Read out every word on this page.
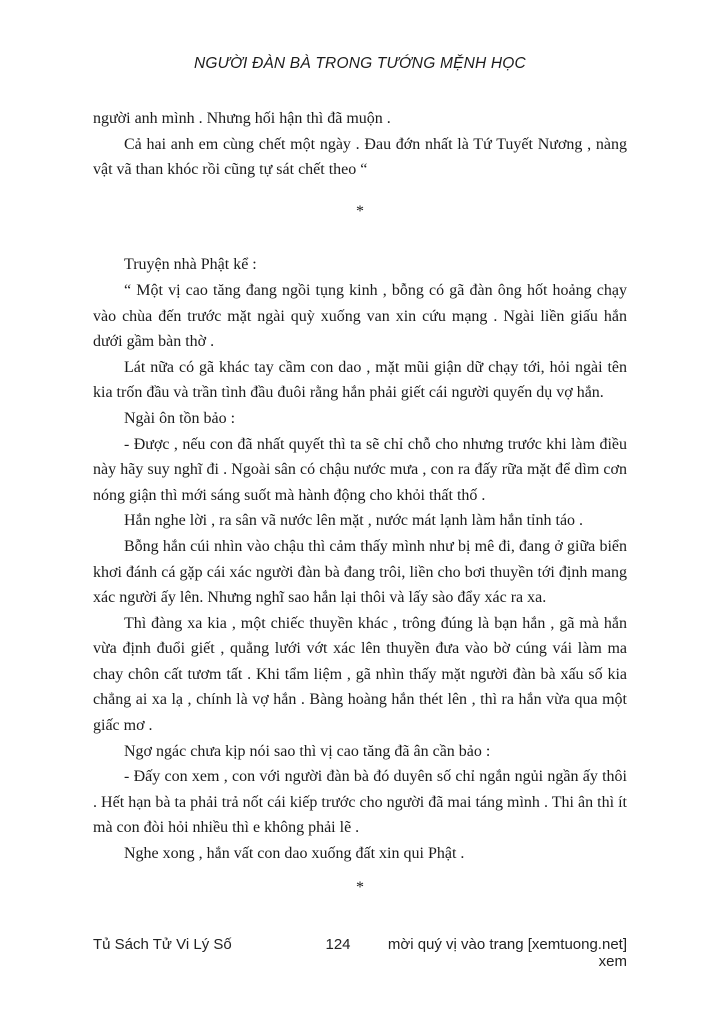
NGƯỜI ĐÀN BÀ TRONG TƯỚNG MỆNH HỌC

người anh mình . Nhưng hối hận thì đã muộn .

Cả hai anh em cùng chết một ngày . Đau đớn nhất là Tứ Tuyết Nương , nàng vật vã than khóc rồi cũng tự sát chết theo “

*

Truyện nhà Phật kể :

“ Một vị cao tăng đang ngồi tụng kinh , bỗng có gã đàn ông hốt hoảng chạy vào chùa đến trước mặt ngài quỳ xuống van xin cứu mạng . Ngài liền giấu hắn dưới gầm bàn thờ .

Lát nữa có gã khác tay cầm con dao , mặt mũi giận dữ chạy tới, hỏi ngài tên kia trốn đầu và trần tình đầu đuôi rằng hắn phải giết cái người quyến dụ vợ hắn.

Ngài ôn tồn bảo :

- Được , nếu con đã nhất quyết thì ta sẽ chỉ chỗ cho nhưng trước khi làm điều này hãy suy nghĩ đi . Ngoài sân có chậu nước mưa , con ra đấy rữa mặt để dìm cơn nóng giận thì mới sáng suốt mà hành động cho khỏi thất thố .

Hắn nghe lời , ra sân vã nước lên mặt , nước mát lạnh làm hắn tỉnh táo .

Bỗng hắn cúi nhìn vào chậu thì cảm thấy mình như bị mê đi, đang ở giữa biển khơi đánh cá gặp cái xác người đàn bà đang trôi, liền cho bơi thuyền tới định mang xác người ấy lên. Nhưng nghĩ sao hắn lại thôi và lấy sào đẩy xác ra xa.

Thì đàng xa kia , một chiếc thuyền khác , trông đúng là bạn hắn , gã mà hắn vừa định đuổi giết , quẳng lưới vớt xác lên thuyền đưa vào bờ cúng vái làm ma chay chôn cất tươm tất . Khi tẩm liệm , gã nhìn thấy mặt người đàn bà xấu số kia chẳng ai xa lạ , chính là vợ hắn . Bàng hoàng hắn thét lên , thì ra hắn vừa qua một giấc mơ .

Ngơ ngác chưa kịp nói sao thì vị cao tăng đã ân cần bảo :

- Đấy con xem , con với người đàn bà đó duyên số chỉ ngắn ngủi ngần ấy thôi . Hết hạn bà ta phải trả nốt cái kiếp trước cho người đã mai táng mình . Thi ân thì ít mà con đòi hỏi nhiều thì e không phải lẽ .

Nghe xong , hắn vất con dao xuống đất xin qui Phật .

*
Tủ Sách Tử Vi Lý Số	124	mời quý vị vào trang [xemtuong.net] xem
